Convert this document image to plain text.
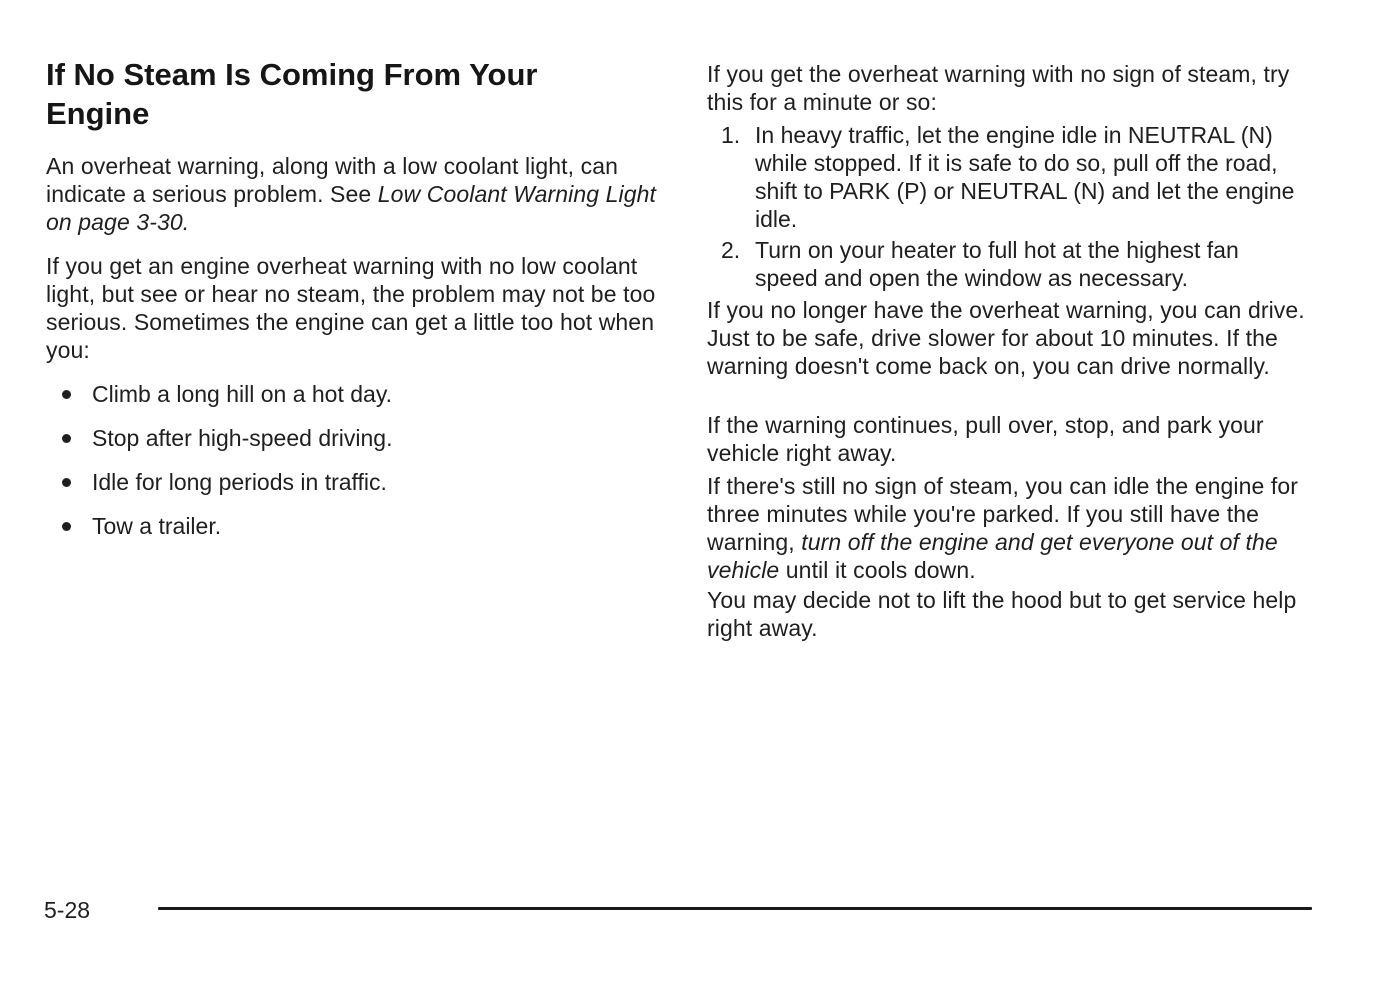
If No Steam Is Coming From Your Engine

An overheat warning, along with a low coolant light, can indicate a serious problem. See Low Coolant Warning Light on page 3-30.

If you get an engine overheat warning with no low coolant light, but see or hear no steam, the problem may not be too serious. Sometimes the engine can get a little too hot when you:

Climb a long hill on a hot day.
Stop after high-speed driving.
Idle for long periods in traffic.
Tow a trailer.

If you get the overheat warning with no sign of steam, try this for a minute or so:

1. In heavy traffic, let the engine idle in NEUTRAL (N) while stopped. If it is safe to do so, pull off the road, shift to PARK (P) or NEUTRAL (N) and let the engine idle.
2. Turn on your heater to full hot at the highest fan speed and open the window as necessary.

If you no longer have the overheat warning, you can drive. Just to be safe, drive slower for about 10 minutes. If the warning doesn't come back on, you can drive normally.

If the warning continues, pull over, stop, and park your vehicle right away.

If there's still no sign of steam, you can idle the engine for three minutes while you're parked. If you still have the warning, turn off the engine and get everyone out of the vehicle until it cools down.

You may decide not to lift the hood but to get service help right away.

5-28
